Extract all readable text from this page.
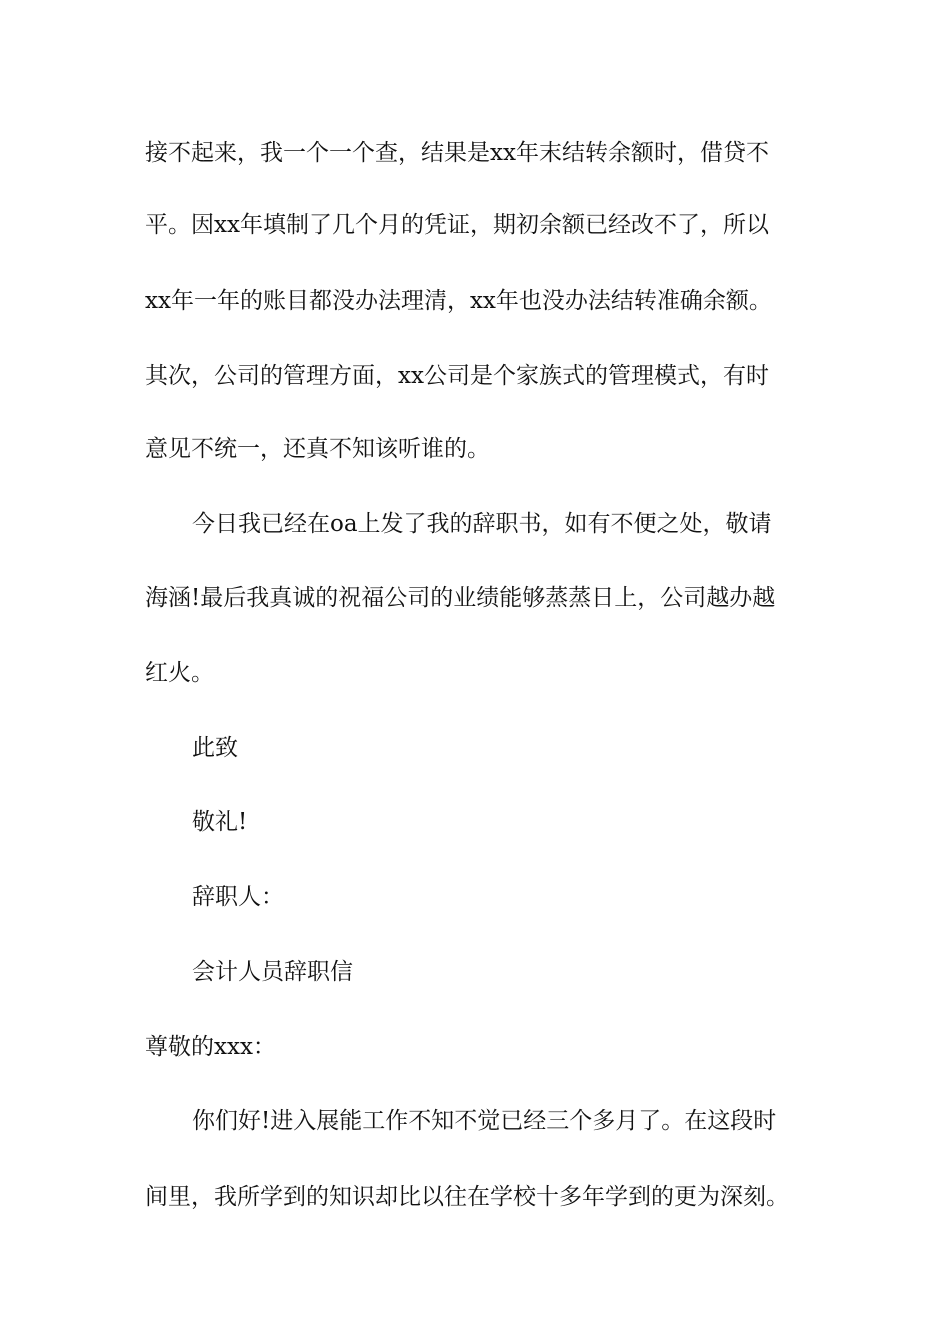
接不起来，我一个一个查，结果是xx年末结转余额时，借贷不
平。因xx年填制了几个月的凭证，期初余额已经改不了，所以
xx年一年的账目都没办法理清，xx年也没办法结转准确余额。
其次，公司的管理方面，xx公司是个家族式的管理模式，有时
意见不统一，还真不知该听谁的。
今日我已经在oa上发了我的辞职书，如有不便之处，敬请
海涵!最后我真诚的祝福公司的业绩能够蒸蒸日上，公司越办越
红火。
此致
敬礼!
辞职人：
会计人员辞职信
尊敬的xxx：
你们好!进入展能工作不知不觉已经三个多月了。在这段时
间里，我所学到的知识却比以往在学校十多年学到的更为深刻。
